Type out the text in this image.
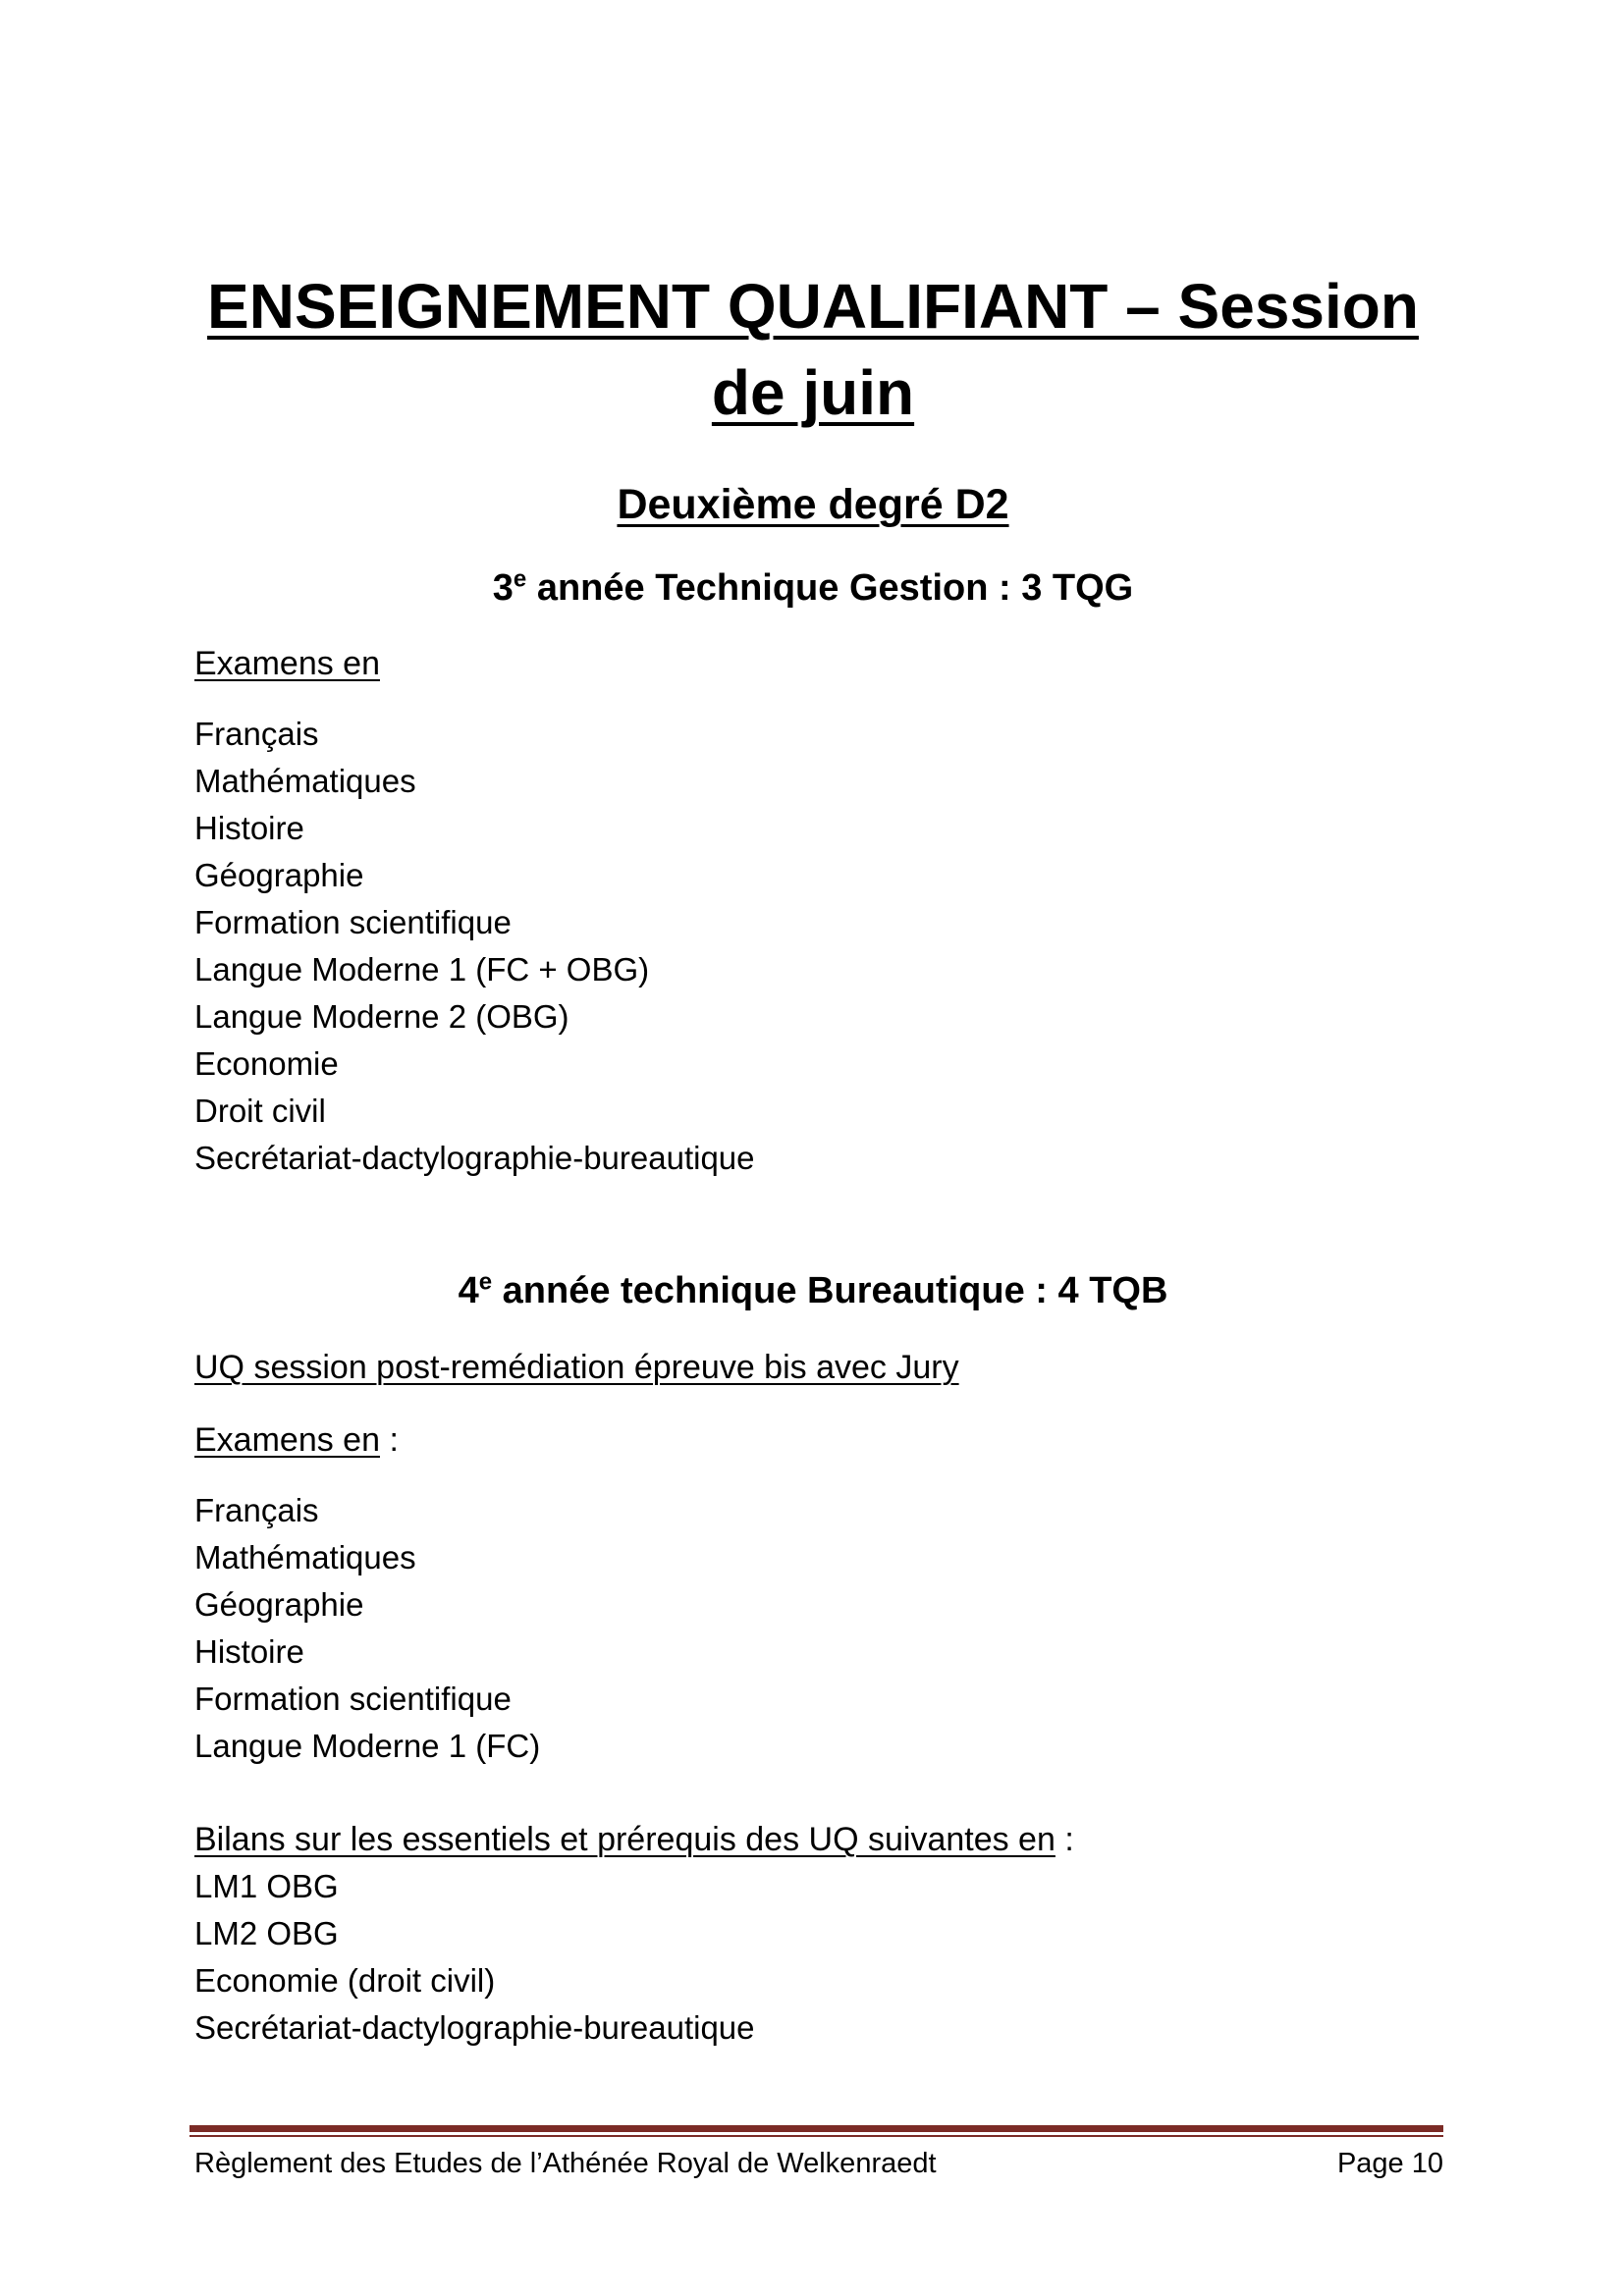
ENSEIGNEMENT QUALIFIANT – Session de juin
Deuxième degré D2
3e année Technique Gestion : 3 TQG

Examens en

Français
Mathématiques
Histoire
Géographie
Formation scientifique
Langue Moderne 1 (FC + OBG)
Langue Moderne 2 (OBG)
Economie
Droit civil
Secrétariat-dactylographie-bureautique
4e année technique Bureautique : 4 TQB

UQ session post-remédiation épreuve bis avec Jury

Examens en :

Français
Mathématiques
Géographie
Histoire
Formation scientifique
Langue Moderne 1 (FC)

Bilans sur les essentiels et prérequis des UQ suivantes en :

LM1 OBG
LM2 OBG
Economie (droit civil)
Secrétariat-dactylographie-bureautique
Règlement des Etudes de l’Athénée Royal de Welkenraedt	Page 10
